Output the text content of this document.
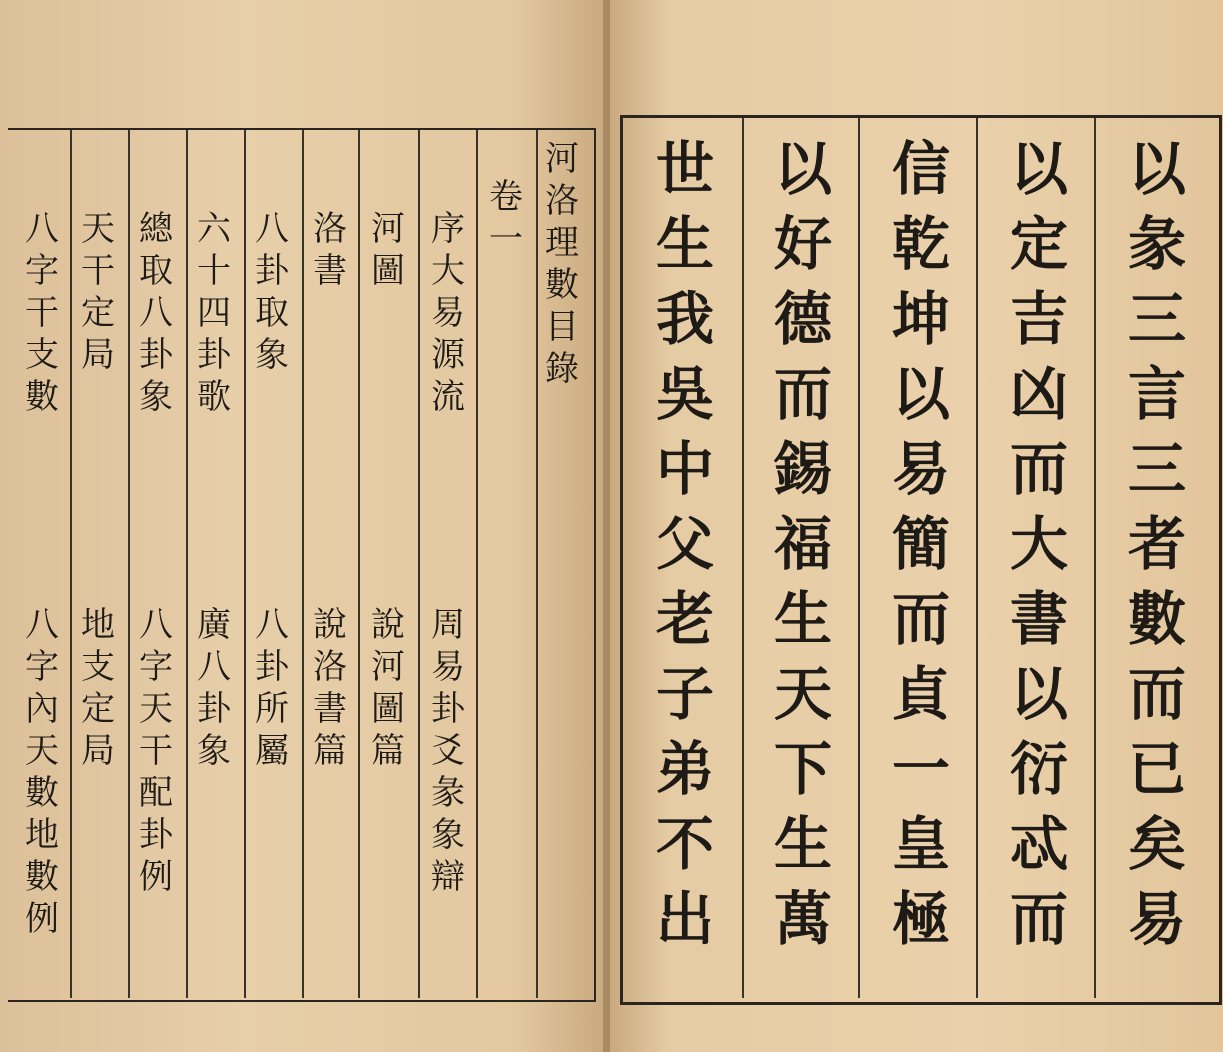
河
洛
理
數
目
錄
卷
一
序
大
易
源
流
河
圖
洛
書
八
卦
取
象
六
十
四
卦
歌
總
取
八
卦
象
天
干
定
局
八
字
干
支
數
周
易
卦
爻
彖
象
辯
說
河
圖
篇
說
洛
書
篇
八
卦
所
屬
廣
八
卦
象
八
字
天
干
配
卦
例
地
支
定
局
八
字
內
天
數
地
數
例
以
彖
三
言
三
者
數
而
已
矣
易
以
定
吉
凶
而
大
書
以
衍
忒
而
信
乾
坤
以
易
簡
而
貞
一
皇
極
以
好
德
而
錫
福
生
天
下
生
萬
世
生
我
吳
中
父
老
子
弟
不
出
